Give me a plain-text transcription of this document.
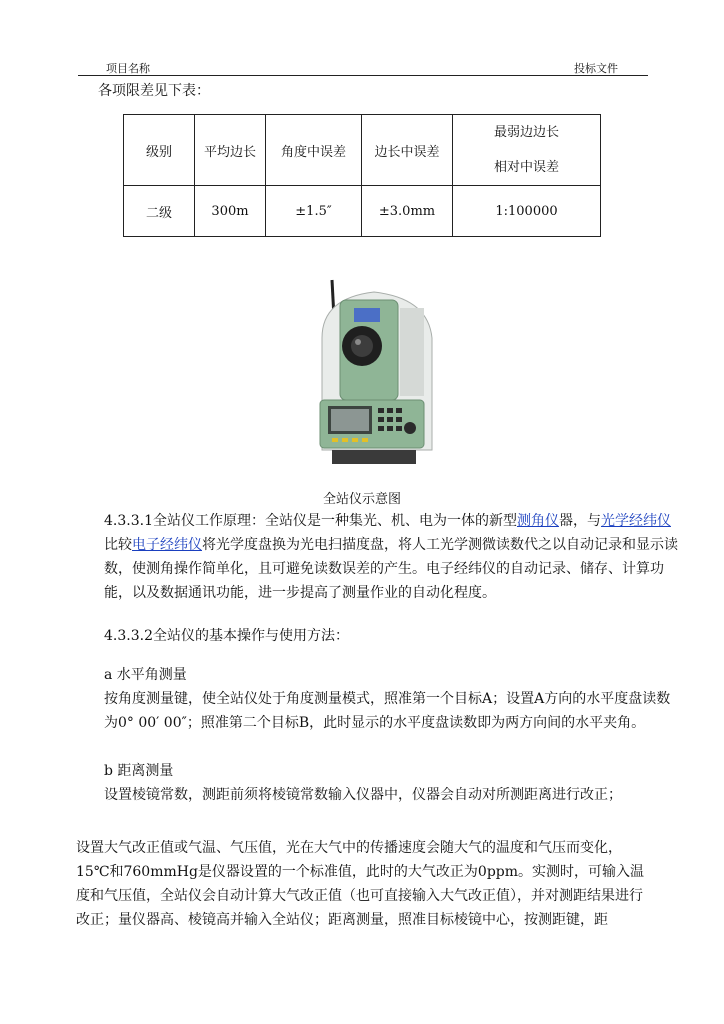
项目名称	投标文件
各项限差见下表：
级别	平均边长	角度中误差	边长中误差	最弱边边长
相对中误差

二级	300m	±1.5″	±3.0mm	1:100000
全站仪示意图

4.3.3.1全站仪工作原理：全站仪是一种集光、机、电为一体的新型测角仪器，与光学经纬仪比较电子经纬仪将光学度盘换为光电扫描度盘，将人工光学测微读数代之以自动记录和显示读数，使测角操作简单化，且可避免读数误差的产生。电子经纬仪的自动记录、储存、计算功能，以及数据通讯功能，进一步提高了测量作业的自动化程度。

4.3.3.2全站仪的基本操作与使用方法：

a 水平角测量

按角度测量键，使全站仪处于角度测量模式，照准第一个目标A；设置A方向的水平度盘读数为0° 00′ 00″；照准第二个目标B，此时显示的水平度盘读数即为两方向间的水平夹角。

b 距离测量

设置棱镜常数，测距前须将棱镜常数输入仪器中，仪器会自动对所测距离进行改正；

设置大气改正值或气温、气压值，光在大气中的传播速度会随大气的温度和气压而变化，15℃和760mmHg是仪器设置的一个标准值，此时的大气改正为0ppm。实测时，可输入温度和气压值，全站仪会自动计算大气改正值（也可直接输入大气改正值），并对测距结果进行改正；量仪器高、棱镜高并输入全站仪；距离测量，照准目标棱镜中心，按测距键，距
